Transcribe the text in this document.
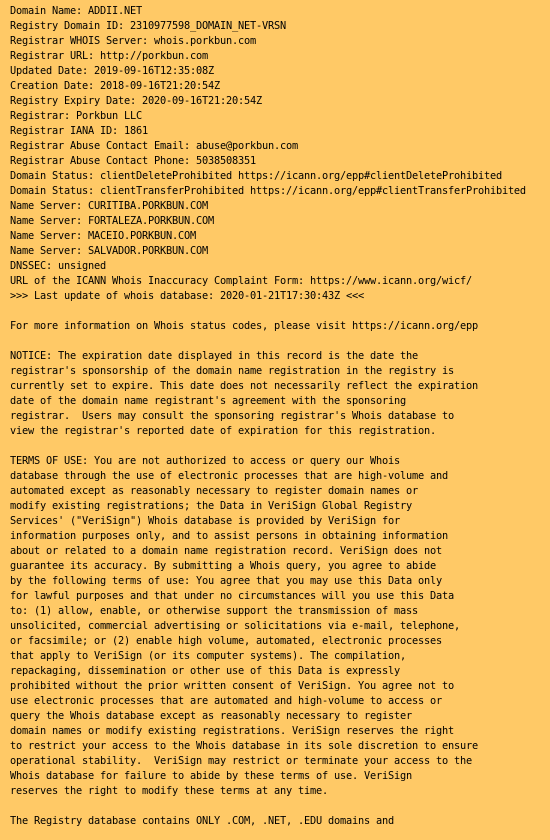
Domain Name: ADDII.NET
Registry Domain ID: 2310977598_DOMAIN_NET-VRSN
Registrar WHOIS Server: whois.porkbun.com
Registrar URL: http://porkbun.com
Updated Date: 2019-09-16T12:35:08Z
Creation Date: 2018-09-16T21:20:54Z
Registry Expiry Date: 2020-09-16T21:20:54Z
Registrar: Porkbun LLC
Registrar IANA ID: 1861
Registrar Abuse Contact Email: abuse@porkbun.com
Registrar Abuse Contact Phone: 5038508351
Domain Status: clientDeleteProhibited https://icann.org/epp#clientDeleteProhibited
Domain Status: clientTransferProhibited https://icann.org/epp#clientTransferProhibited
Name Server: CURITIBA.PORKBUN.COM
Name Server: FORTALEZA.PORKBUN.COM
Name Server: MACEIO.PORKBUN.COM
Name Server: SALVADOR.PORKBUN.COM
DNSSEC: unsigned
URL of the ICANN Whois Inaccuracy Complaint Form: https://www.icann.org/wicf/
>>> Last update of whois database: 2020-01-21T17:30:43Z <<<
For more information on Whois status codes, please visit https://icann.org/epp
NOTICE: The expiration date displayed in this record is the date the
registrar's sponsorship of the domain name registration in the registry is
currently set to expire. This date does not necessarily reflect the expiration
date of the domain name registrant's agreement with the sponsoring
registrar.  Users may consult the sponsoring registrar's Whois database to
view the registrar's reported date of expiration for this registration.
TERMS OF USE: You are not authorized to access or query our Whois
database through the use of electronic processes that are high-volume and
automated except as reasonably necessary to register domain names or
modify existing registrations; the Data in VeriSign Global Registry
Services' ("VeriSign") Whois database is provided by VeriSign for
information purposes only, and to assist persons in obtaining information
about or related to a domain name registration record. VeriSign does not
guarantee its accuracy. By submitting a Whois query, you agree to abide
by the following terms of use: You agree that you may use this Data only
for lawful purposes and that under no circumstances will you use this Data
to: (1) allow, enable, or otherwise support the transmission of mass
unsolicited, commercial advertising or solicitations via e-mail, telephone,
or facsimile; or (2) enable high volume, automated, electronic processes
that apply to VeriSign (or its computer systems). The compilation,
repackaging, dissemination or other use of this Data is expressly
prohibited without the prior written consent of VeriSign. You agree not to
use electronic processes that are automated and high-volume to access or
query the Whois database except as reasonably necessary to register
domain names or modify existing registrations. VeriSign reserves the right
to restrict your access to the Whois database in its sole discretion to ensure
operational stability.  VeriSign may restrict or terminate your access to the
Whois database for failure to abide by these terms of use. VeriSign
reserves the right to modify these terms at any time.
The Registry database contains ONLY .COM, .NET, .EDU domains and
